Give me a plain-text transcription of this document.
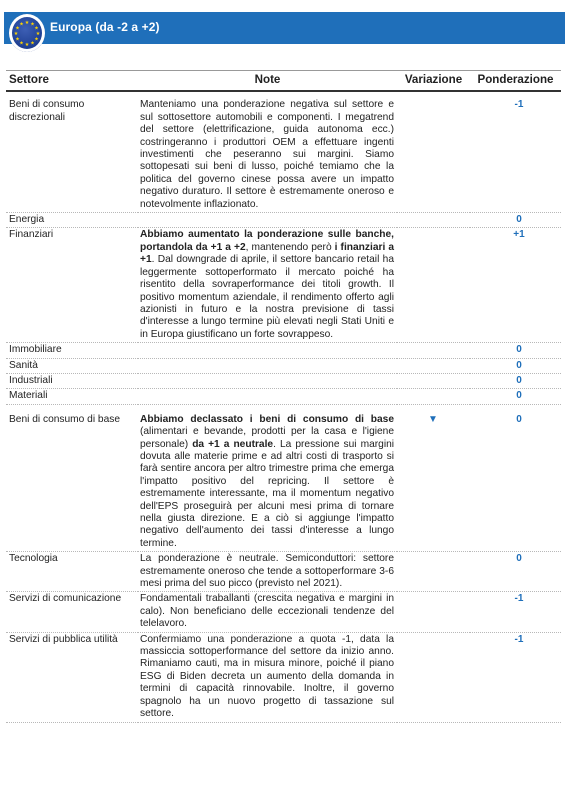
★ ★
★
★
★
★
★
★
★
★
★
★ Europa (da -2 a +2)
Settore	Note	Variazione	Ponderazione

Beni di consumo discrezionali	Manteniamo una ponderazione negativa sul settore e sul sottosettore automobili e componenti. I megatrend del settore (elettrificazione, guida autonoma ecc.) costringeranno i produttori OEM a effettuare ingenti investimenti che peseranno sui margini. Siamo sottopesati sui beni di lusso, poiché temiamo che la politica del governo cinese possa avere un impatto negativo duraturo. Il settore è estremamente oneroso e notevolmente inflazionato.		-1
Energia			0
Finanziari	Abbiamo aumentato la ponderazione sulle banche, portandola da +1 a +2, mantenendo però i finanziari a +1. Dal downgrade di aprile, il settore bancario retail ha leggermente sottoperformato il mercato poiché ha risentito della sovraperformance dei titoli growth. Il positivo momentum aziendale, il rendimento offerto agli azionisti in futuro e la nostra previsione di tassi d'interesse a lungo termine più elevati negli Stati Uniti e in Europa giustificano un forte sovrappeso.		+1
Immobiliare			0
Sanità			0
Industriali			0
Materiali			0

Beni di consumo di base	Abbiamo declassato i beni di consumo di base (alimentari e bevande, prodotti per la casa e l'igiene personale) da +1 a neutrale. La pressione sui margini dovuta alle materie prime e ad altri costi di trasporto si farà sentire ancora per altro trimestre prima che emerga l'impatto positivo del repricing. Il settore è estremamente interessante, ma il momentum negativo dell'EPS proseguirà per alcuni mesi prima di tornare nella giusta direzione. E a ciò si aggiunge l'impatto negativo dell'aumento dei tassi d'interesse a lungo termine.	▼	0
Tecnologia	La ponderazione è neutrale. Semiconduttori: settore estremamente oneroso che tende a sottoperformare 3-6 mesi prima del suo picco (previsto nel 2021).		0
Servizi di comunicazione	Fondamentali traballanti (crescita negativa e margini in calo). Non beneficiano delle eccezionali tendenze del telelavoro.		-1
Servizi di pubblica utilità	Confermiamo una ponderazione a quota -1, data la massiccia sottoperformance del settore da inizio anno. Rimaniamo cauti, ma in misura minore, poiché il piano ESG di Biden decreta un aumento della domanda in termini di capacità rinnovabile. Inoltre, il governo spagnolo ha un nuovo progetto di tassazione sul settore.		-1
